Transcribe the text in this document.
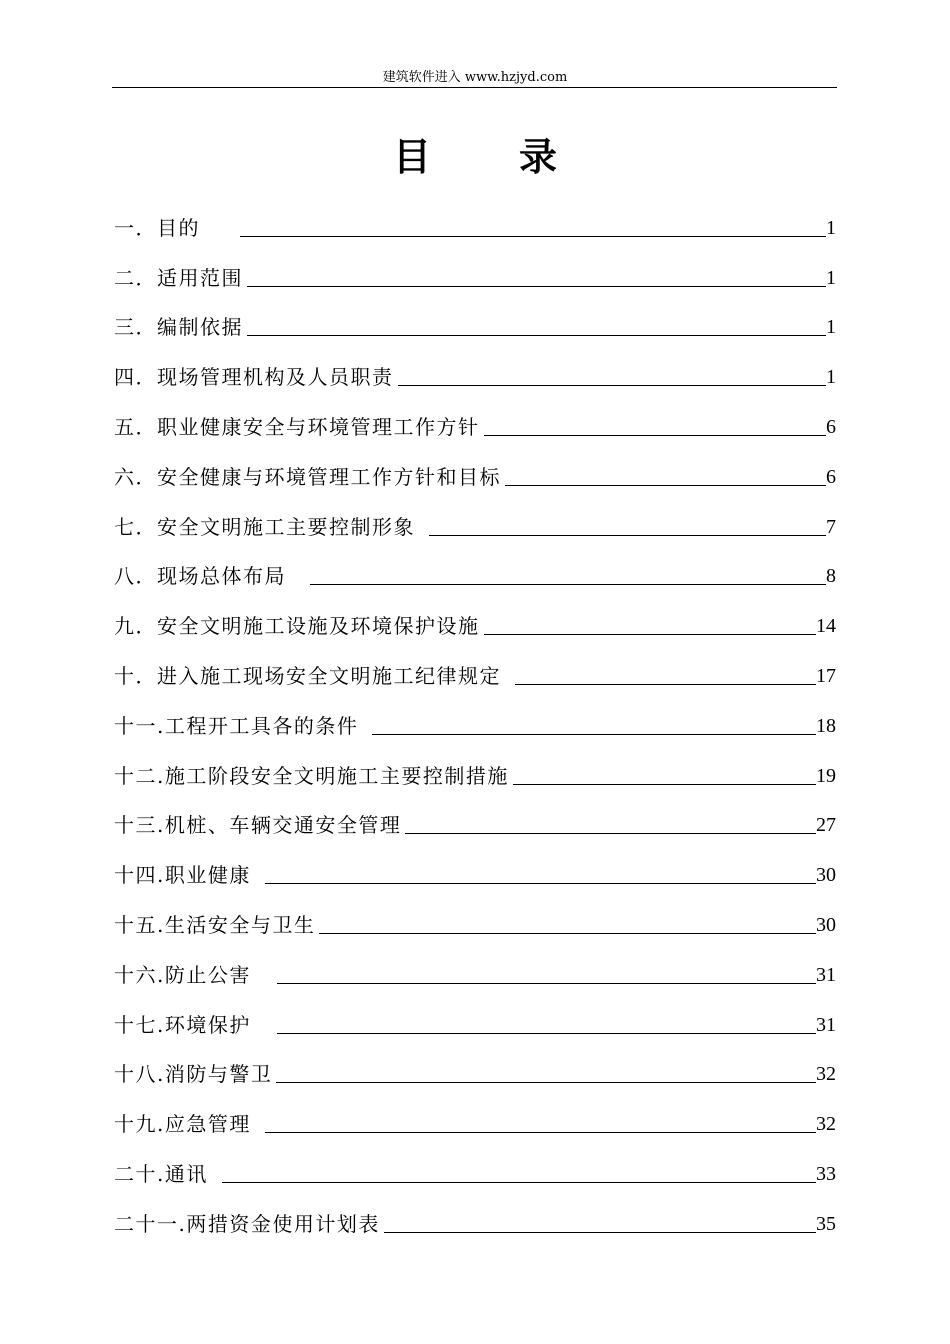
建筑软件进入 www.hzjyd.com
目 录
一．目的	1
二．适用范围	1
三．编制依据	1
四．现场管理机构及人员职责	1
五．职业健康安全与环境管理工作方针	6
六．安全健康与环境管理工作方针和目标	6
七．安全文明施工主要控制形象	7
八．现场总体布局	8
九．安全文明施工设施及环境保护设施	14
十．进入施工现场安全文明施工纪律规定	17
十一.工程开工具各的条件	18
十二.施工阶段安全文明施工主要控制措施	19
十三.机桩、车辆交通安全管理	27
十四.职业健康	30
十五.生活安全与卫生	30
十六.防止公害	31
十七.环境保护	31
十八.消防与警卫	32
十九.应急管理	32
二十.通讯	33
二十一.两措资金使用计划表	35
